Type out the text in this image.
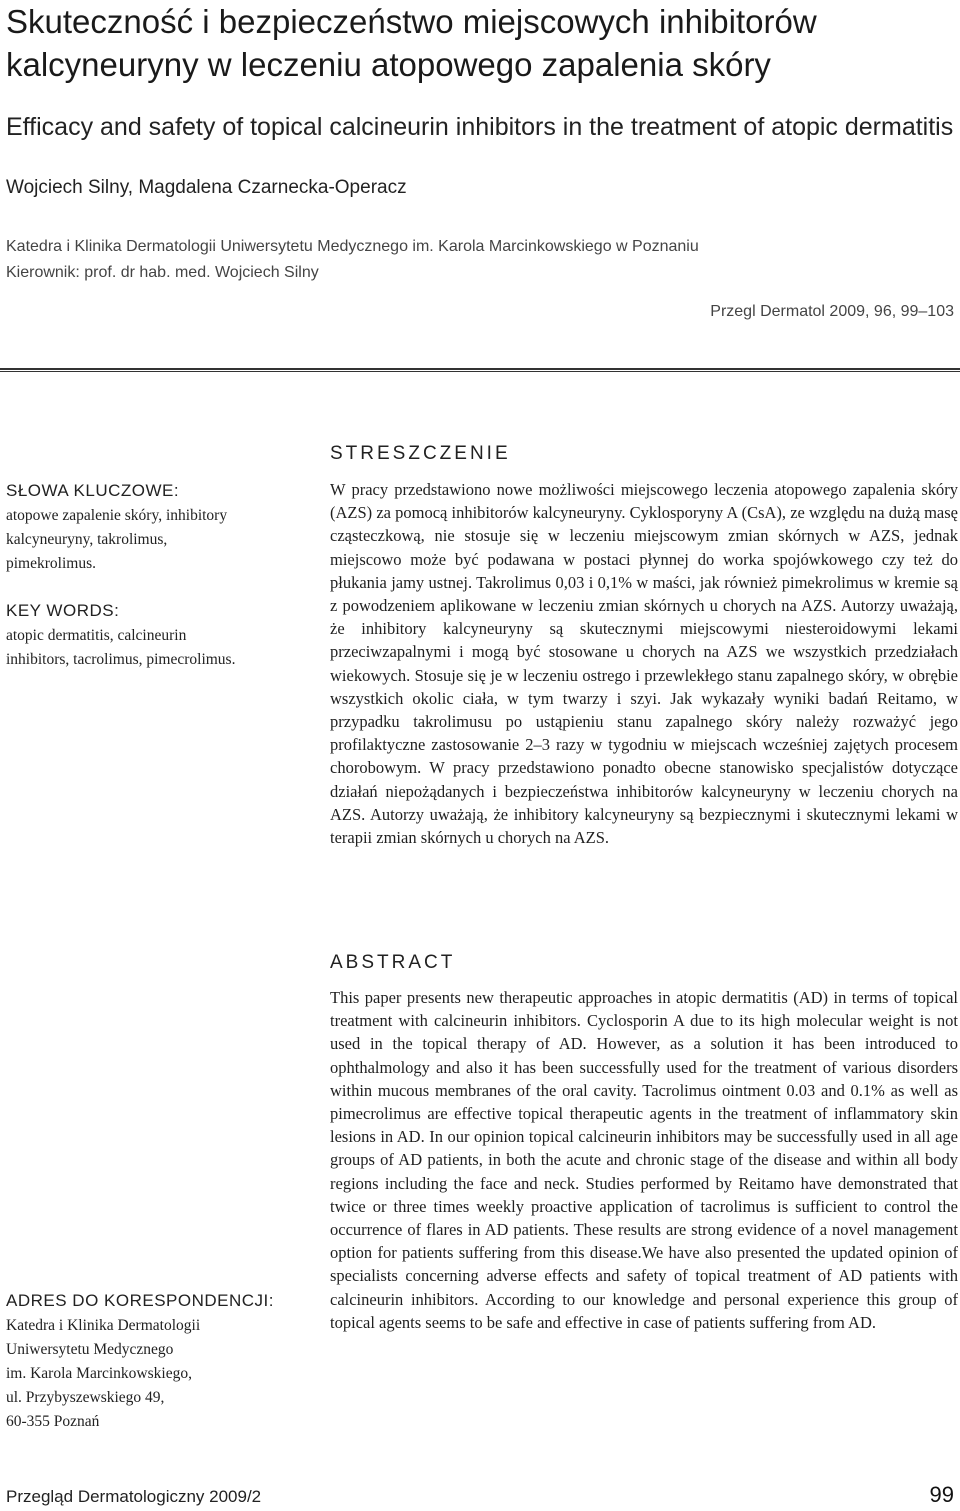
Skuteczność i bezpieczeństwo miejscowych inhibitorów kalcyneuryny w leczeniu atopowego zapalenia skóry
Efficacy and safety of topical calcineurin inhibitors in the treatment of atopic dermatitis
Wojciech Silny, Magdalena Czarnecka-Operacz
Katedra i Klinika Dermatologii Uniwersytetu Medycznego im. Karola Marcinkowskiego w Poznaniu
Kierownik: prof. dr hab. med. Wojciech Silny
Przegl Dermatol 2009, 96, 99–103
SŁOWA KLUCZOWE:
atopowe zapalenie skóry, inhibitory kalcyneuryny, takrolimus, pimekrolimus.
KEY WORDS:
atopic dermatitis, calcineurin inhibitors, tacrolimus, pimecrolimus.
ADRES DO KORESPONDENCJI:
Katedra i Klinika Dermatologii
Uniwersytetu Medycznego
im. Karola Marcinkowskiego,
ul. Przybyszewskiego 49,
60-355 Poznań
STRESZCZENIE

W pracy przedstawiono nowe możliwości miejscowego leczenia atopowego zapalenia skóry (AZS) za pomocą inhibitorów kalcyneuryny. Cyklosporyny A (CsA), ze względu na dużą masę cząsteczkową, nie stosuje się w leczeniu miejscowym zmian skórnych w AZS, jednak miejscowo może być podawana w postaci płynnej do worka spojówkowego czy też do płukania jamy ustnej. Takrolimus 0,03 i 0,1% w maści, jak również pimekrolimus w kremie są z powodzeniem aplikowane w leczeniu zmian skórnych u chorych na AZS. Autorzy uważają, że inhibitory kalcyneuryny są skutecznymi miejscowymi niesteroidowymi lekami przeciwzapalnymi i mogą być stosowane u chorych na AZS we wszystkich przedziałach wiekowych. Stosuje się je w leczeniu ostrego i przewlekłego stanu zapalnego skóry, w obrębie wszystkich okolic ciała, w tym twarzy i szyi. Jak wykazały wyniki badań Reitamo, w przypadku takrolimusu po ustąpieniu stanu zapalnego skóry należy rozważyć jego profilaktyczne zastosowanie 2–3 razy w tygodniu w miejscach wcześniej zajętych procesem chorobowym. W pracy przedstawiono ponadto obecne stanowisko specjalistów dotyczące działań niepożądanych i bezpieczeństwa inhibitorów kalcyneuryny w leczeniu chorych na AZS. Autorzy uważają, że inhibitory kalcyneuryny są bezpiecznymi i skutecznymi lekami w terapii zmian skórnych u chorych na AZS.

ABSTRACT

This paper presents new therapeutic approaches in atopic dermatitis (AD) in terms of topical treatment with calcineurin inhibitors. Cyclosporin A due to its high molecular weight is not used in the topical therapy of AD. However, as a solution it has been introduced to ophthalmology and also it has been successfully used for the treatment of various disorders within mucous membranes of the oral cavity. Tacrolimus ointment 0.03 and 0.1% as well as pimecrolimus are effective topical therapeutic agents in the treatment of inflammatory skin lesions in AD. In our opinion topical calcineurin inhibitors may be successfully used in all age groups of AD patients, in both the acute and chronic stage of the disease and within all body regions including the face and neck. Studies performed by Reitamo have demonstrated that twice or three times weekly proactive application of tacrolimus is sufficient to control the occurrence of flares in AD patients. These results are strong evidence of a novel management option for patients suffering from this disease.We have also presented the updated opinion of specialists concerning adverse effects and safety of topical treatment of AD patients with calcineurin inhibitors. According to our knowledge and personal experience this group of topical agents seems to be safe and effective in case of patients suffering from AD.

Przegląd Dermatologiczny 2009/2	99
